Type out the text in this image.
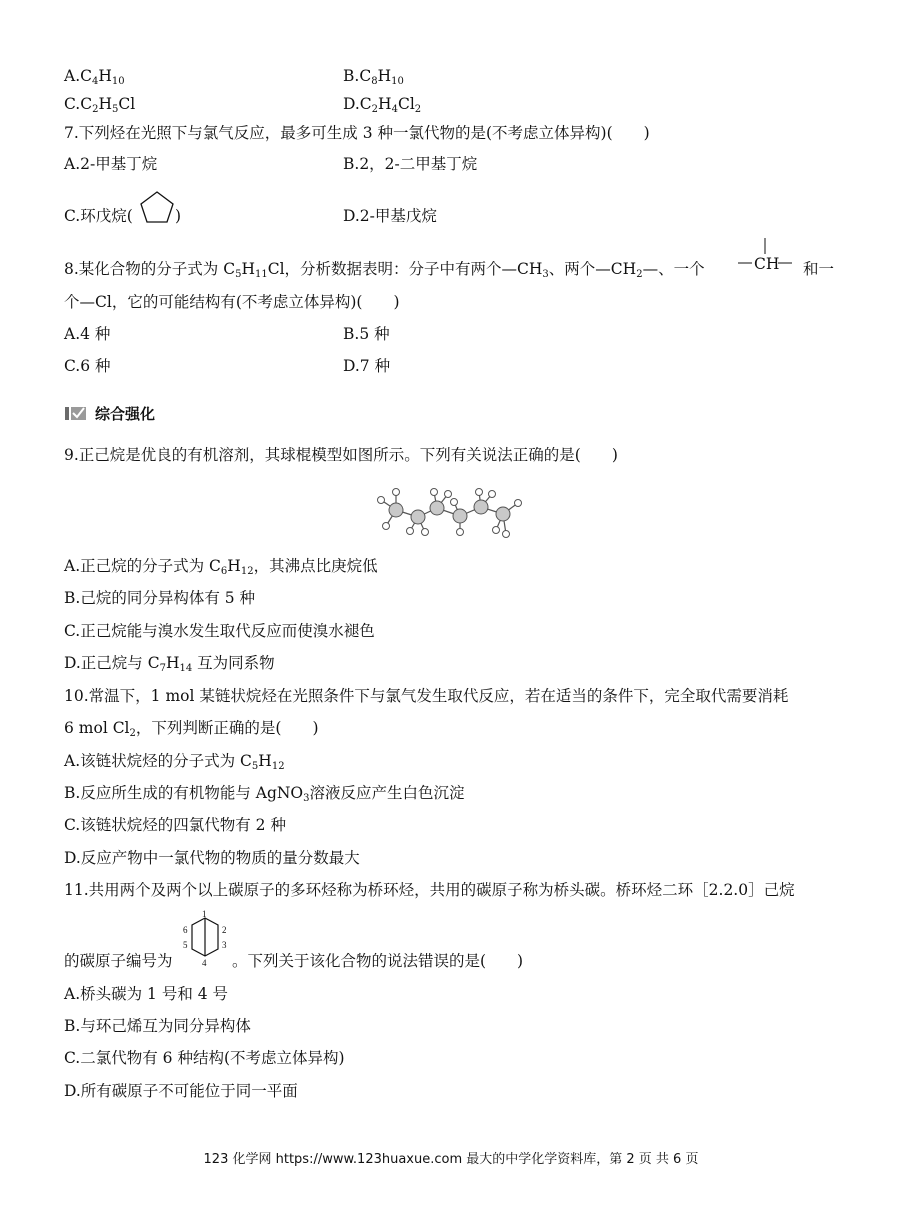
$A.C_4H_{10}$	$B.C_8H_{10}$
$C.C_2H_5Cl$	$D.C_2H_4Cl_2$
7.下列烃在光照下与氯气反应，最多可生成 3 种一氯代物的是(不考虑立体异构)(　　)
A.2-甲基丁烷	B.2，2-二甲基丁烷
C.环戊烷(	)	D.2-甲基戊烷
8.某化合物的分子式为 $C_5H_{11}Cl$，分析数据表明：分子中有两个$—CH_3$、两个$—CH_2—$、一个	CH 和一
个—Cl，它的可能结构有(不考虑立体异构)(　　)
A.4 种	B.5 种
C.6 种	D.7 种
综合强化
9.正己烷是优良的有机溶剂，其球棍模型如图所示。下列有关说法正确的是(　　)
A.正己烷的分子式为 $C_6H_{12}$，其沸点比庚烷低
B.己烷的同分异构体有 5 种
C.正己烷能与溴水发生取代反应而使溴水褪色
D.正己烷与 $C_7H_{14}$ 互为同系物
10.常温下，1 mol 某链状烷烃在光照条件下与氯气发生取代反应，若在适当的条件下，完全取代需要消耗
6 mol $Cl_2$，下列判断正确的是(　　)
A.该链状烷烃的分子式为 $C_5H_{12}$
B.反应所生成的有机物能与 AgNO$_3$溶液反应产生白色沉淀
C.该链状烷烃的四氯代物有 2 种
D.反应产物中一氯代物的物质的量分数最大
11.共用两个及两个以上碳原子的多环烃称为桥环烃，共用的碳原子称为桥头碳。桥环烃二环［2.2.0］己烷
的碳原子编号为
1
2
3
4
5
6
。下列关于该化合物的说法错误的是(　　)
A.桥头碳为 1 号和 4 号
B.与环己烯互为同分异构体
C.二氯代物有 6 种结构(不考虑立体异构)
D.所有碳原子不可能位于同一平面
123 化学网 https://www.123huaxue.com 最大的中学化学资料库，第 2 页 共 6 页
